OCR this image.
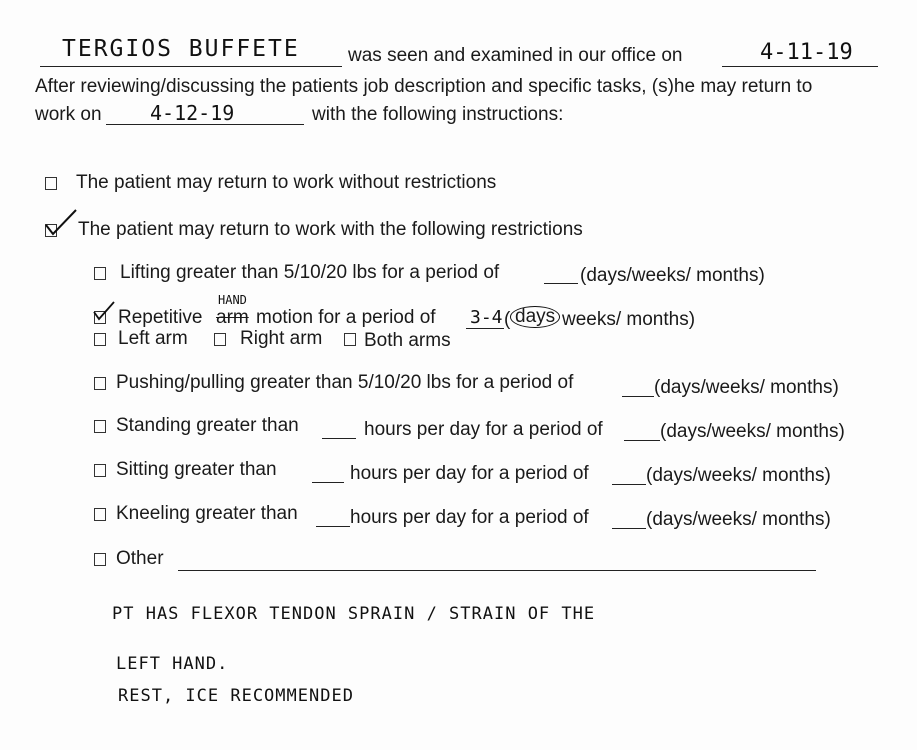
TERGIOS BUFFETE	was seen and examined in our office on	4-11-19
After reviewing/discussing the patients job description and specific tasks, (s)he may return to
work on 4-12-19	with the following instructions:
The patient may return to work without restrictions
The patient may return to work with the following restrictions
Lifting greater than 5/10/20 lbs for a period of	(days/weeks/ months)
Repetitive arm
HAND
motion for a period of 3-4 ( days weeks/ months)
Left arm	Right arm Both arms
Pushing/pulling greater than 5/10/20 lbs for a period of	(days/weeks/ months)
Standing greater than	hours per day for a period of	(days/weeks/ months)
Sitting greater than	hours per day for a period of	(days/weeks/ months)
Kneeling greater than	hours per day for a period of	(days/weeks/ months)
Other
PT HAS FLEXOR TENDON SPRAIN / STRAIN OF THE
LEFT HAND.
REST, ICE RECOMMENDED
